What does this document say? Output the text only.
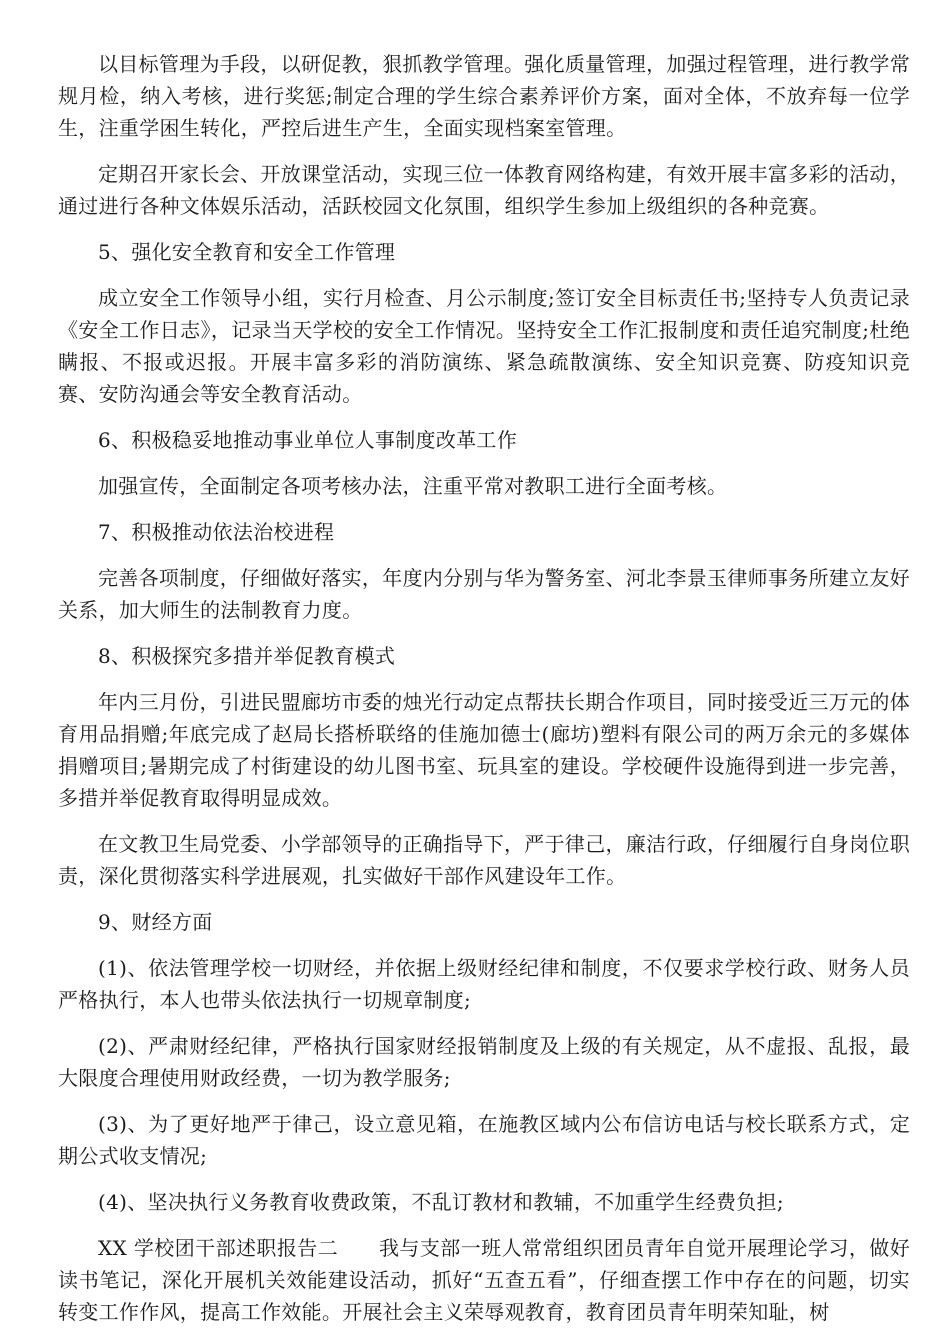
以目标管理为手段，以研促教，狠抓教学管理。强化质量管理，加强过程管理，进行教学常规月检，纳入考核，进行奖惩;制定合理的学生综合素养评价方案，面对全体，不放弃每一位学生，注重学困生转化，严控后进生产生，全面实现档案室管理。

定期召开家长会、开放课堂活动，实现三位一体教育网络构建，有效开展丰富多彩的活动，通过进行各种文体娱乐活动，活跃校园文化氛围，组织学生参加上级组织的各种竞赛。

5、强化安全教育和安全工作管理

成立安全工作领导小组，实行月检查、月公示制度;签订安全目标责任书;坚持专人负责记录《安全工作日志》，记录当天学校的安全工作情况。坚持安全工作汇报制度和责任追究制度;杜绝瞒报、不报或迟报。开展丰富多彩的消防演练、紧急疏散演练、安全知识竞赛、防疫知识竞赛、安防沟通会等安全教育活动。

6、积极稳妥地推动事业单位人事制度改革工作

加强宣传，全面制定各项考核办法，注重平常对教职工进行全面考核。

7、积极推动依法治校进程

完善各项制度，仔细做好落实，年度内分别与华为警务室、河北李景玉律师事务所建立友好关系，加大师生的法制教育力度。

8、积极探究多措并举促教育模式

年内三月份，引进民盟廊坊市委的烛光行动定点帮扶长期合作项目，同时接受近三万元的体育用品捐赠;年底完成了赵局长搭桥联络的佳施加德士(廊坊)塑料有限公司的两万余元的多媒体捐赠项目;暑期完成了村街建设的幼儿图书室、玩具室的建设。学校硬件设施得到进一步完善，多措并举促教育取得明显成效。

在文教卫生局党委、小学部领导的正确指导下，严于律己，廉洁行政，仔细履行自身岗位职责，深化贯彻落实科学进展观，扎实做好干部作风建设年工作。

9、财经方面

(1)、依法管理学校一切财经，并依据上级财经纪律和制度，不仅要求学校行政、财务人员严格执行，本人也带头依法执行一切规章制度;

(2)、严肃财经纪律，严格执行国家财经报销制度及上级的有关规定，从不虚报、乱报，最大限度合理使用财政经费，一切为教学服务;

(3)、为了更好地严于律己，设立意见箱，在施教区域内公布信访电话与校长联系方式，定期公式收支情况;

(4)、坚决执行义务教育收费政策，不乱订教材和教辅，不加重学生经费负担;

XX 学校团干部述职报告二　　我与支部一班人常常组织团员青年自觉开展理论学习，做好读书笔记，深化开展机关效能建设活动，抓好“五查五看”，仔细查摆工作中存在的问题，切实转变工作作风，提高工作效能。开展社会主义荣辱观教育，教育团员青年明荣知耻，树
